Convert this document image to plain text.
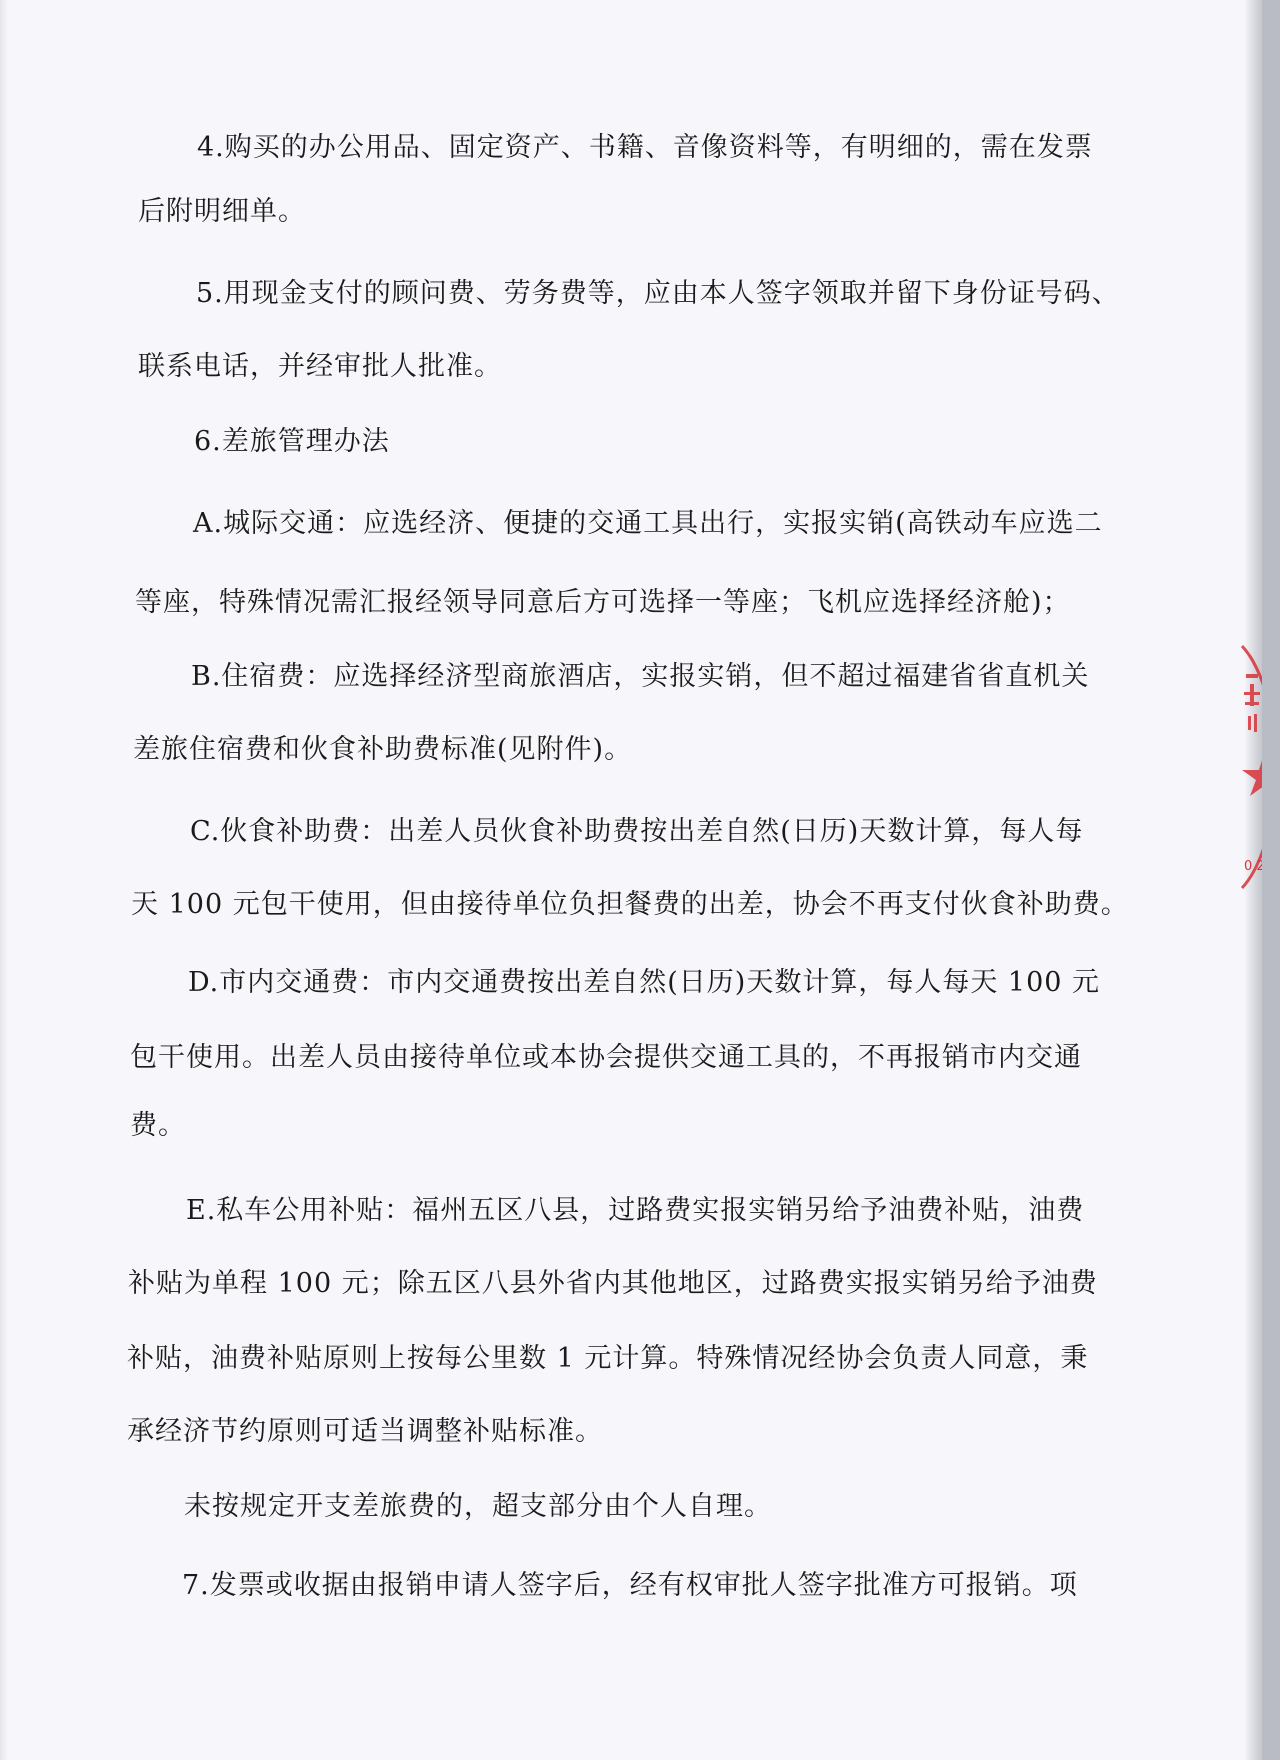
4.购买的办公用品、固定资产、书籍、音像资料等，有明细的，需在发票
后附明细单。
5.用现金支付的顾问费、劳务费等，应由本人签字领取并留下身份证号码、
联系电话，并经审批人批准。
6.差旅管理办法
A.城际交通：应选经济、便捷的交通工具出行，实报实销(高铁动车应选二
等座，特殊情况需汇报经领导同意后方可选择一等座；飞机应选择经济舱)；
B.住宿费：应选择经济型商旅酒店，实报实销，但不超过福建省省直机关
差旅住宿费和伙食补助费标准(见附件)。
C.伙食补助费：出差人员伙食补助费按出差自然(日历)天数计算，每人每
天 100 元包干使用，但由接待单位负担餐费的出差，协会不再支付伙食补助费。
D.市内交通费：市内交通费按出差自然(日历)天数计算，每人每天 100 元
包干使用。出差人员由接待单位或本协会提供交通工具的，不再报销市内交通
费。
E.私车公用补贴：福州五区八县，过路费实报实销另给予油费补贴，油费
补贴为单程 100 元；除五区八县外省内其他地区，过路费实报实销另给予油费
补贴，油费补贴原则上按每公里数 1 元计算。特殊情况经协会负责人同意，秉
承经济节约原则可适当调整补贴标准。
未按规定开支差旅费的，超支部分由个人自理。
7.发票或收据由报销申请人签字后，经有权审批人签字批准方可报销。项
0 2
